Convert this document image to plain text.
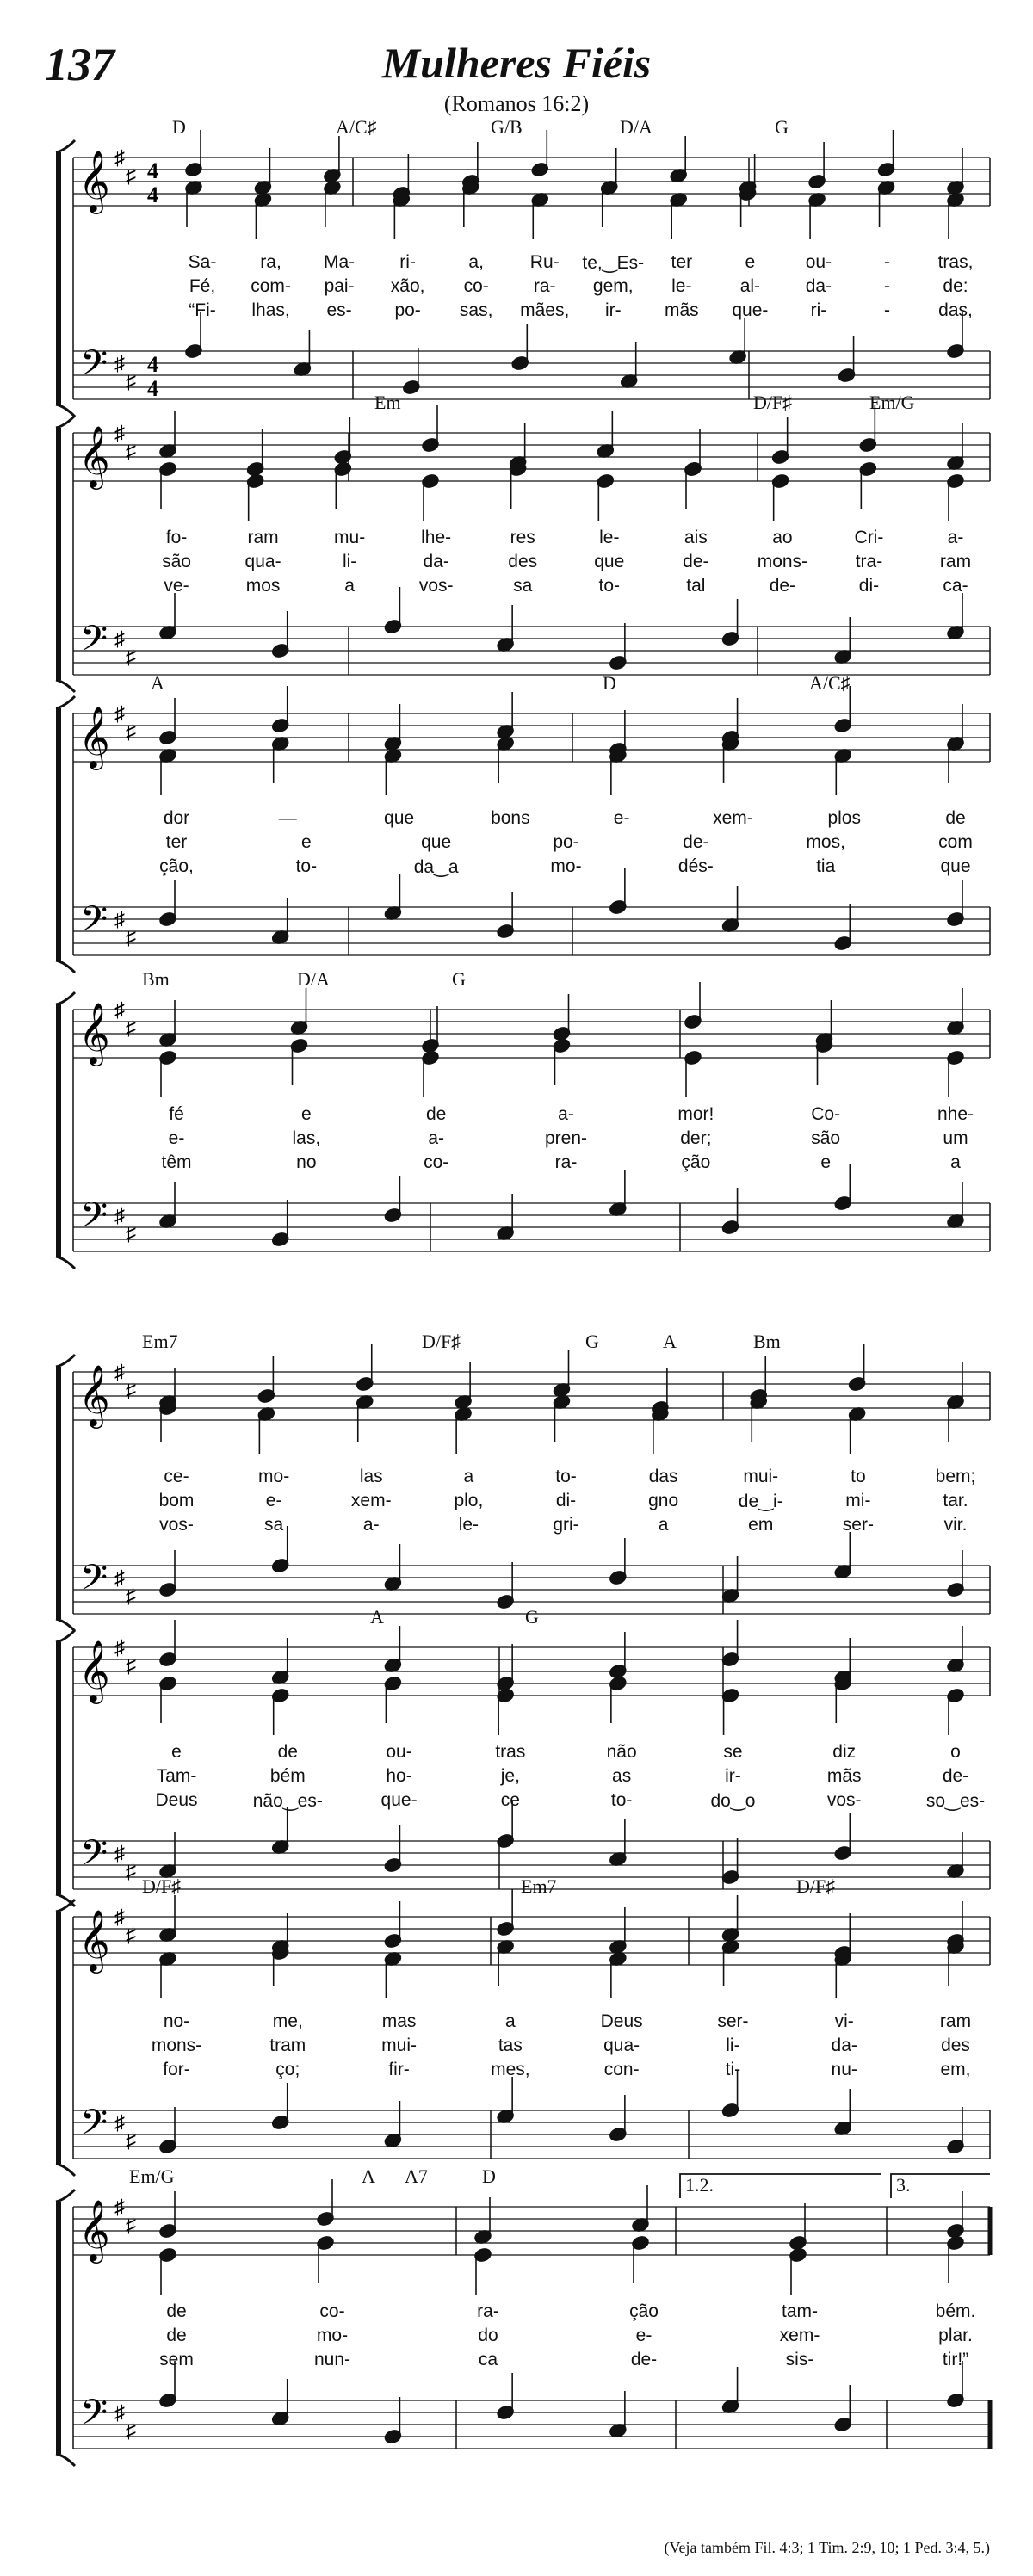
137	Mulheres Fiéis
(Romanos 16:2)
𝄞
𝄢
♯
♯
♯
♯
4
4
4
4
𝄞
𝄢
♯
♯
♯
♯
𝄞
𝄢
♯
♯
♯
♯
𝄞
𝄢
♯
♯
♯
♯
𝄞
𝄢
♯
♯
♯
♯
𝄞
𝄢
♯
♯
♯
♯
𝄞
𝄢
♯
♯
♯
♯
𝄞
𝄢
♯
♯
♯
♯
D	A/C♯	G/B	D/A	G
Sa- ra, Ma- ri-	a,	Ru- te,‿Es- ter	e	ou-	-	tras,
Fé, com- pai- xão, co- ra- gem, le-	al-	da-	-	de:
“Fi- lhas, es- po- sas, mães, ir- mãs que- ri-	-	das,
Em	D/F♯	Em/G
fo-	ram	mu-	lhe-	res	le-	ais	ao	Cri-	a-
são	qua-	li-	da-	des	que	de-	mons-	tra-	ram
ve-	mos	a	vos-	sa	to-	tal	de-	di-	ca-
A	D	A/C♯
dor	—	que	bons	e-	xem-	plos	de
ter	e	que	po-	de-	mos,	com
ção,	to-	da‿a	mo-	dés-	tia	que
Bm	D/A	G
fé	e	de	a-	mor!	Co-	nhe-
e-	las,	a-	pren-	der;	são	um
têm	no	co-	ra-	ção	e	a
Em7	D/F♯	G	A	Bm
ce-	mo-	las	a	to-	das	mui-	to	bem;
bom	e-	xem-	plo,	di-	gno	de‿i-	mi-	tar.
vos-	sa	a-	le-	gri-	a	em	ser-	vir.
A	G
e	de	ou-	tras	não	se	diz	o
Tam-	bém	ho-	je,	as	ir-	mãs	de-
Deus	não‿es-	que-	ce	to-	do‿o	vos-	so‿es-
D/F♯	Em7	D/F♯
no-	me,	mas	a	Deus	ser-	vi-	ram
mons-	tram	mui-	tas	qua-	li-	da-	des
for-	ço;	fir-	mes,	con-	ti-	nu-	em,
Em/G	A A7	D
de	co-	ra-	ção	tam-	bém.
de	mo-	do	e-	xem-	plar.
sem	nun-	ca	de-	sis-	tir!”
1.2.	3.
(Veja também Fil. 4:3; 1 Tim. 2:9, 10; 1 Ped. 3:4, 5.)
